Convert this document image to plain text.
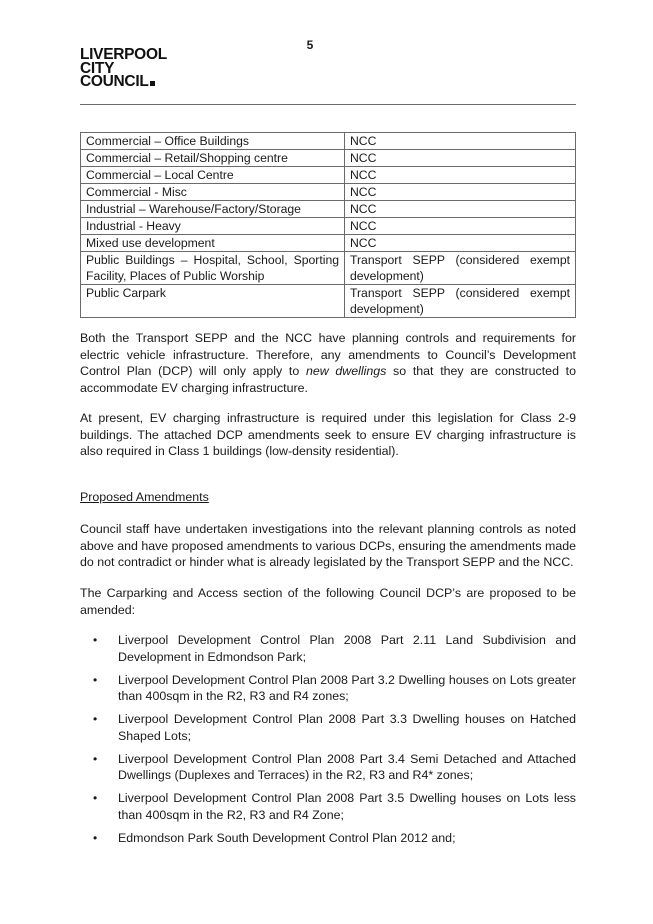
5
LIVERPOOL
CITY
COUNCIL
Commercial – Office Buildings	NCC
Commercial – Retail/Shopping centre	NCC
Commercial – Local Centre	NCC
Commercial - Misc	NCC
Industrial – Warehouse/Factory/Storage	NCC
Industrial - Heavy	NCC
Mixed use development	NCC
Public Buildings – Hospital, School, Sporting Facility, Places of Public Worship	Transport SEPP (considered exempt development)
Public Carpark	Transport SEPP (considered exempt development)

Both the Transport SEPP and the NCC have planning controls and requirements for electric vehicle infrastructure. Therefore, any amendments to Council’s Development Control Plan (DCP) will only apply to new dwellings so that they are constructed to accommodate EV charging infrastructure.

At present, EV charging infrastructure is required under this legislation for Class 2-9 buildings. The attached DCP amendments seek to ensure EV charging infrastructure is also required in Class 1 buildings (low-density residential).

Proposed Amendments

Council staff have undertaken investigations into the relevant planning controls as noted above and have proposed amendments to various DCPs, ensuring the amendments made do not contradict or hinder what is already legislated by the Transport SEPP and the NCC.

The Carparking and Access section of the following Council DCP’s are proposed to be amended:

• Liverpool Development Control Plan 2008 Part 2.11 Land Subdivision and Development in Edmondson Park;
• Liverpool Development Control Plan 2008 Part 3.2 Dwelling houses on Lots greater than 400sqm in the R2, R3 and R4 zones;
• Liverpool Development Control Plan 2008 Part 3.3 Dwelling houses on Hatched Shaped Lots;
• Liverpool Development Control Plan 2008 Part 3.4 Semi Detached and Attached Dwellings (Duplexes and Terraces) in the R2, R3 and R4* zones;
• Liverpool Development Control Plan 2008 Part 3.5 Dwelling houses on Lots less than 400sqm in the R2, R3 and R4 Zone;
• Edmondson Park South Development Control Plan 2012 and;
